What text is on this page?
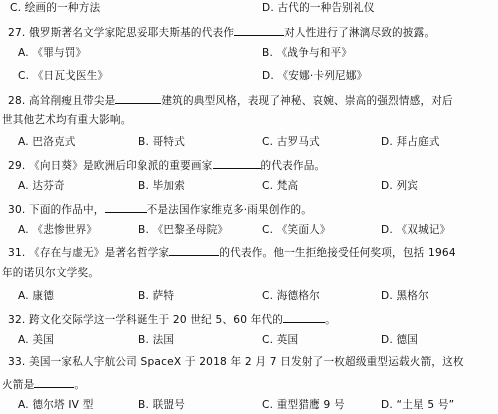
C. 绘画的一种方法	D. 古代的一种告别礼仪
27. 俄罗斯著名文学家陀思妥耶夫斯基的代表作	对人性进行了淋漓尽致的披露。
A. 《罪与罚》	B. 《战争与和平》
C. 《日瓦戈医生》	D. 《安娜·卡列尼娜》
28. 高耸削瘦且带尖是	建筑的典型风格，表现了神秘、哀婉、崇高的强烈情感，对后
世其他艺术均有重大影响。
A. 巴洛克式	B. 哥特式	C. 古罗马式	D. 拜占庭式
29. 《向日葵》是欧洲后印象派的重要画家	的代表作品。
A. 达芬奇	B. 毕加索	C. 梵高	D. 列宾
30. 下面的作品中，	不是法国作家维克多·雨果创作的。
A. 《悲惨世界》	B. 《巴黎圣母院》	C. 《笑面人》	D. 《双城记》
31. 《存在与虚无》是著名哲学家	的代表作。他一生拒绝接受任何奖项，包括 1964
年的诺贝尔文学奖。
A. 康德	B. 萨特	C. 海德格尔	D. 黑格尔
32. 跨文化交际学这一学科诞生于 20 世纪 5、60 年代的	。
A. 美国	B. 法国	C. 英国	D. 德国
33. 美国一家私人宇航公司 SpaceX 于 2018 年 2 月 7 日发射了一枚超级重型运载火箭，这枚
火箭是	。
A. 德尔塔 IV 型	B. 联盟号	C. 重型猎鹰 9 号	D. “土星 5 号”
